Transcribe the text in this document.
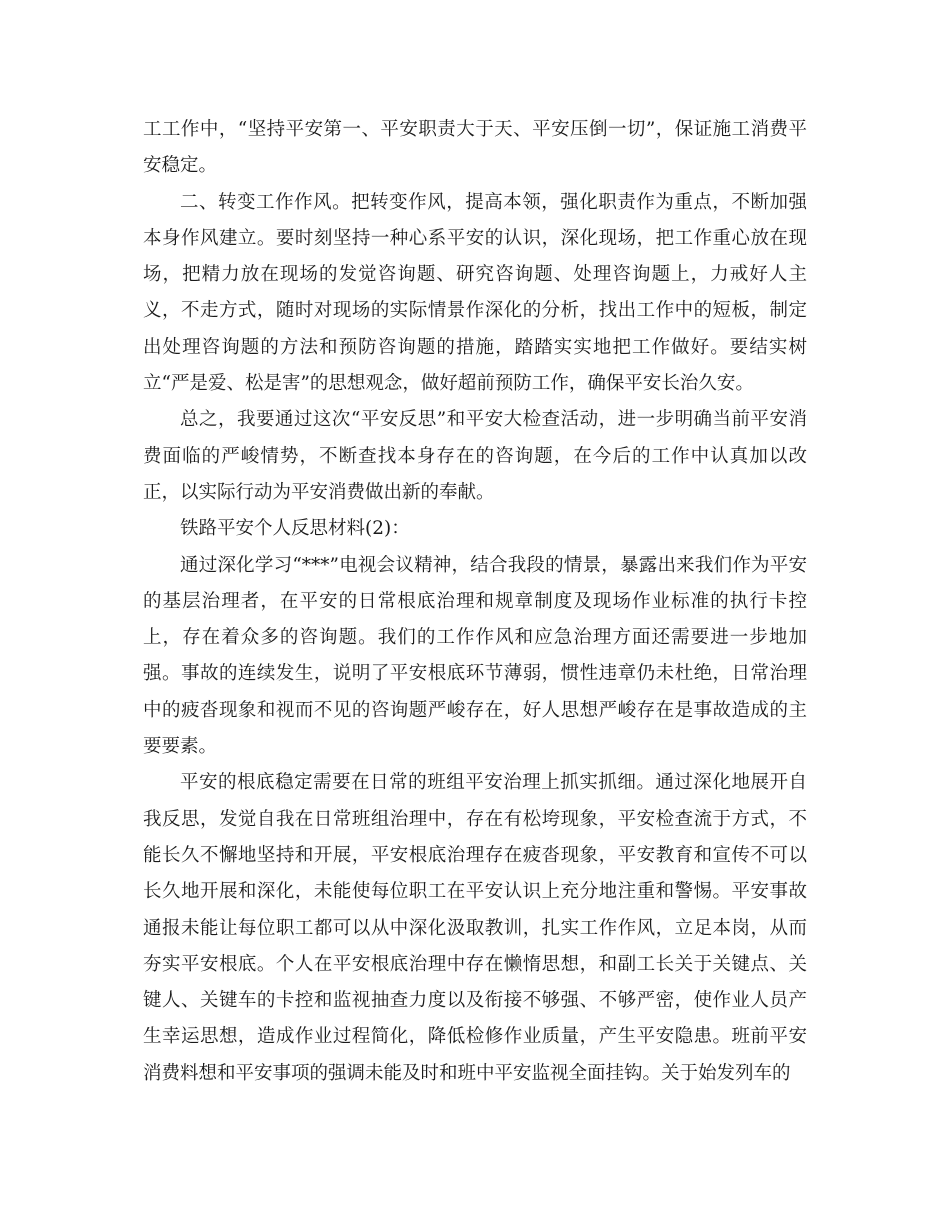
工工作中，“坚持平安第一、平安职责大于天、平安压倒一切”，保证施工消费平安稳定。

二、转变工作作风。把转变作风，提高本领，强化职责作为重点，不断加强本身作风建立。要时刻坚持一种心系平安的认识，深化现场，把工作重心放在现场，把精力放在现场的发觉咨询题、研究咨询题、处理咨询题上，力戒好人主义，不走方式，随时对现场的实际情景作深化的分析，找出工作中的短板，制定出处理咨询题的方法和预防咨询题的措施，踏踏实实地把工作做好。要结实树立“严是爱、松是害”的思想观念，做好超前预防工作，确保平安长治久安。

总之，我要通过这次“平安反思”和平安大检查活动，进一步明确当前平安消费面临的严峻情势，不断查找本身存在的咨询题，在今后的工作中认真加以改正，以实际行动为平安消费做出新的奉献。

铁路平安个人反思材料(2)：

通过深化学习“***”电视会议精神，结合我段的情景，暴露出来我们作为平安的基层治理者，在平安的日常根底治理和规章制度及现场作业标准的执行卡控上，存在着众多的咨询题。我们的工作作风和应急治理方面还需要进一步地加强。事故的连续发生，说明了平安根底环节薄弱，惯性违章仍未杜绝，日常治理中的疲沓现象和视而不见的咨询题严峻存在，好人思想严峻存在是事故造成的主要要素。

平安的根底稳定需要在日常的班组平安治理上抓实抓细。通过深化地展开自我反思，发觉自我在日常班组治理中，存在有松垮现象，平安检查流于方式，不能长久不懈地坚持和开展，平安根底治理存在疲沓现象，平安教育和宣传不可以长久地开展和深化，未能使每位职工在平安认识上充分地注重和警惕。平安事故通报未能让每位职工都可以从中深化汲取教训，扎实工作作风，立足本岗，从而夯实平安根底。个人在平安根底治理中存在懒惰思想，和副工长关于关键点、关键人、关键车的卡控和监视抽查力度以及衔接不够强、不够严密，使作业人员产生幸运思想，造成作业过程简化，降低检修作业质量，产生平安隐患。班前平安消费料想和平安事项的强调未能及时和班中平安监视全面挂钩。关于始发列车的
